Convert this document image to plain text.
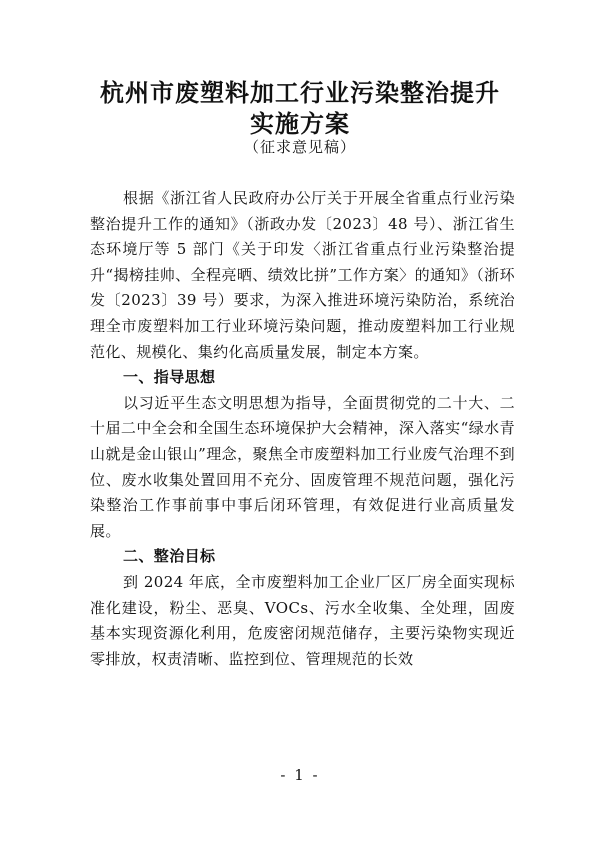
杭州市废塑料加工行业污染整治提升
实施方案
（征求意见稿）

根据《浙江省人民政府办公厅关于开展全省重点行业污染整治提升工作的通知》（浙政办发〔2023〕48 号）、浙江省生态环境厅等 5 部门《关于印发〈浙江省重点行业污染整治提升“揭榜挂帅、全程亮晒、绩效比拼”工作方案〉的通知》（浙环发〔2023〕39 号）要求，为深入推进环境污染防治，系统治理全市废塑料加工行业环境污染问题，推动废塑料加工行业规范化、规模化、集约化高质量发展，制定本方案。

一、指导思想

以习近平生态文明思想为指导，全面贯彻党的二十大、二十届二中全会和全国生态环境保护大会精神，深入落实“绿水青山就是金山银山”理念，聚焦全市废塑料加工行业废气治理不到位、废水收集处置回用不充分、固废管理不规范问题，强化污染整治工作事前事中事后闭环管理，有效促进行业高质量发展。

二、整治目标

到 2024 年底，全市废塑料加工企业厂区厂房全面实现标准化建设，粉尘、恶臭、VOCs、污水全收集、全处理，固废基本实现资源化利用，危废密闭规范储存，主要污染物实现近零排放，权责清晰、监控到位、管理规范的长效

- 1 -
